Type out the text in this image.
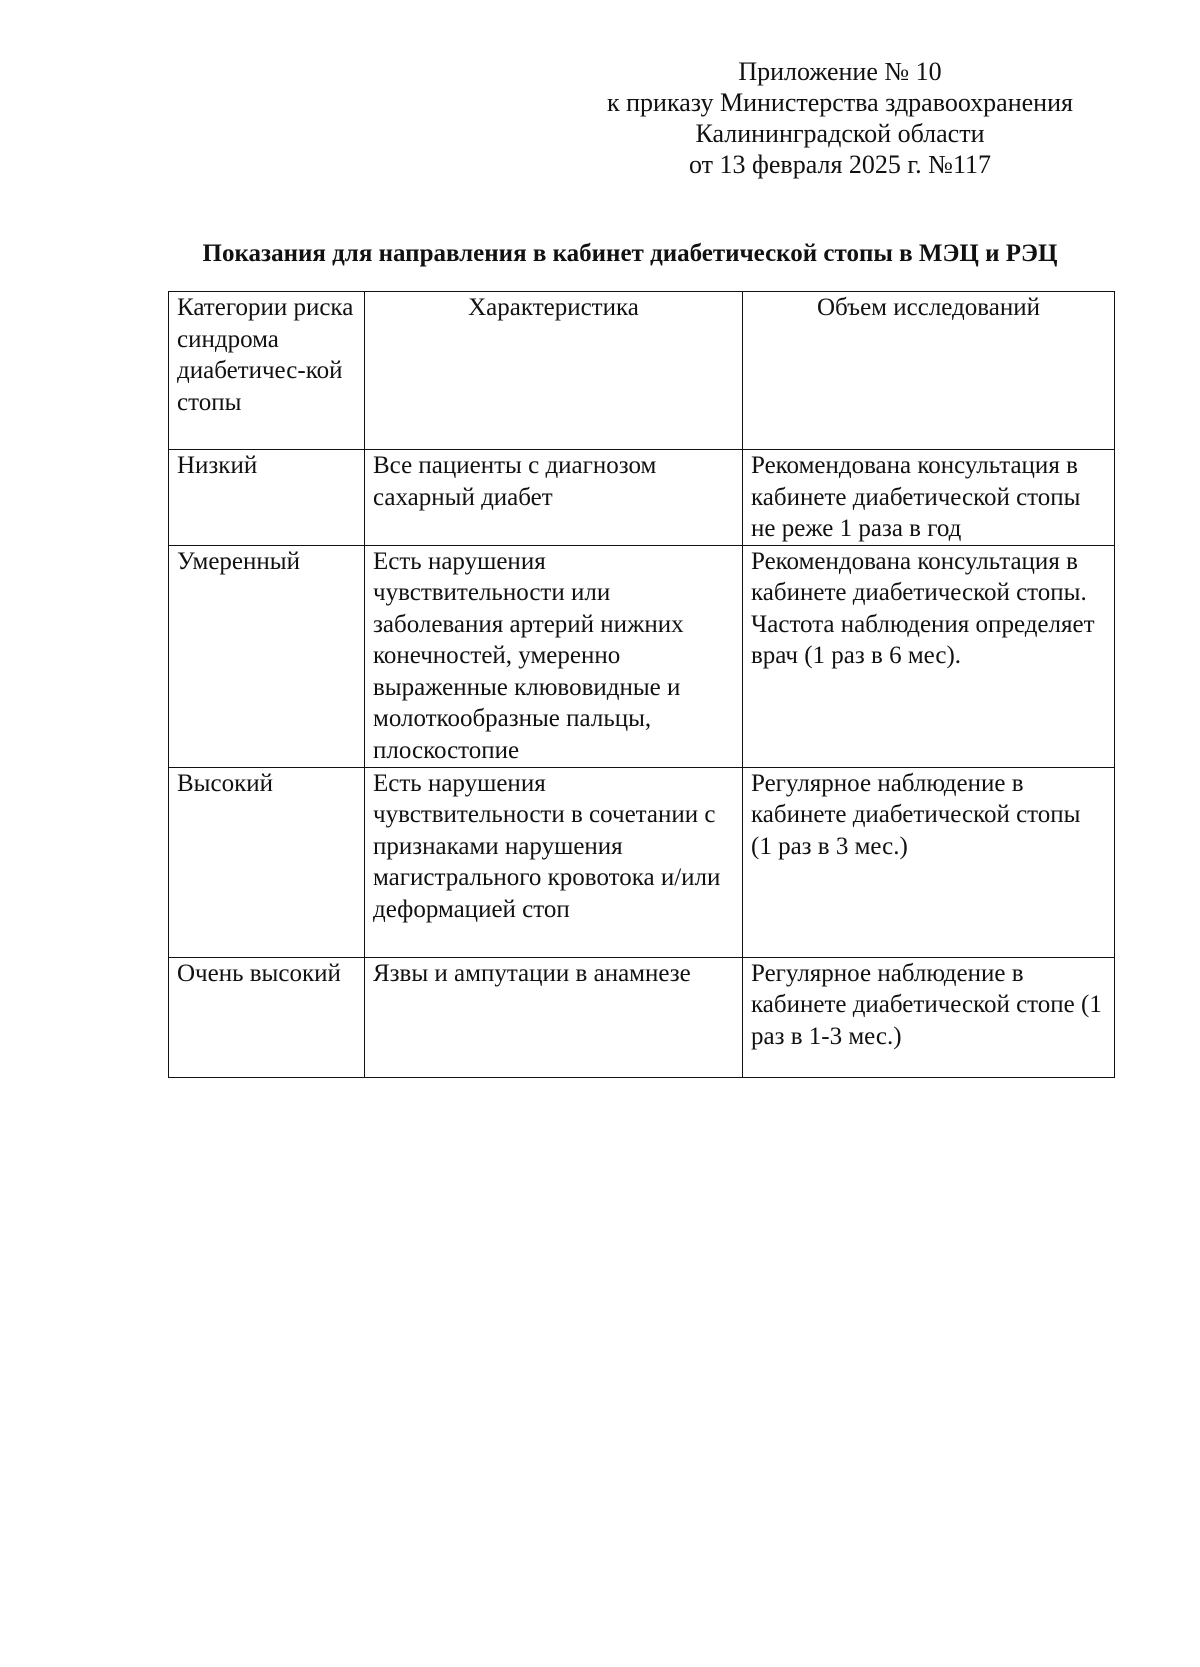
Приложение № 10
к приказу Министерства здравоохранения
Калининградской области
от 13 февраля 2025 г. №117
Показания для направления в кабинет диабетической стопы в МЭЦ и РЭЦ
Категории риска синдрома диабетичес-кой стопы	Характеристика	Объем исследований
Низкий	Все пациенты с диагнозом сахарный диабет	Рекомендована консультация в кабинете диабетической стопы не реже 1 раза в год
Умеренный	Есть нарушения чувствительности или заболевания артерий нижних конечностей, умеренно выраженные клювовидные и молоткообразные пальцы, плоскостопие	Рекомендована консультация в кабинете диабетической стопы. Частота наблюдения определяет врач (1 раз в 6 мес).
Высокий	Есть нарушения чувствительности в сочетании с признаками нарушения магистрального кровотока и/или деформацией стоп	Регулярное наблюдение в кабинете диабетической стопы (1 раз в 3 мес.)
Очень высокий	Язвы и ампутации в анамнезе	Регулярное наблюдение в кабинете диабетической стопе (1 раз в 1-3 мес.)
